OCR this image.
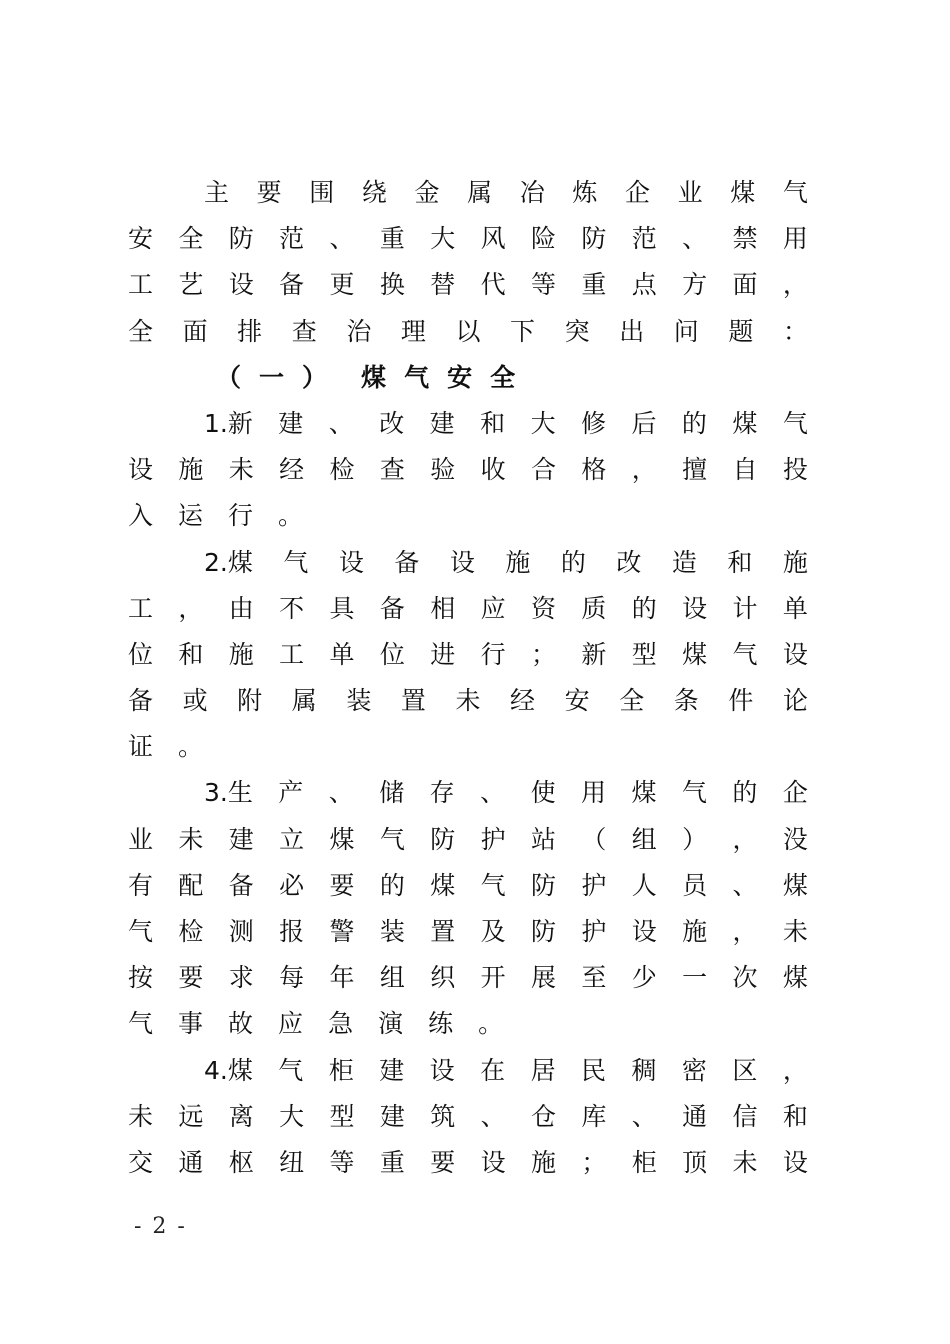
主 要 围 绕 金 属 冶 炼 企 业 煤 气
安 全 防 范 、 重 大 风 险 防 范 、 禁 用
工 艺 设 备 更 换 替 代 等 重 点 方 面 ，
全 面 排 查 治 理 以 下 突 出 问 题 ：
（ 一 ） 煤 气 安 全
1.新 建 、 改 建 和 大 修 后 的 煤 气
设 施 未 经 检 查 验 收 合 格 ， 擅 自 投
入 运 行 。
2.煤 气 设 备 设 施 的 改 造 和 施
工 ， 由 不 具 备 相 应 资 质 的 设 计 单
位 和 施 工 单 位 进 行 ； 新 型 煤 气 设
备 或 附 属 装 置 未 经 安 全 条 件 论
证 。
3.生 产 、 储 存 、 使 用 煤 气 的 企
业 未 建 立 煤 气 防 护 站 （ 组 ） ， 没
有 配 备 必 要 的 煤 气 防 护 人 员 、 煤
气 检 测 报 警 装 置 及 防 护 设 施 ， 未
按 要 求 每 年 组 织 开 展 至 少 一 次 煤
气 事 故 应 急 演 练 。
4.煤 气 柜 建 设 在 居 民 稠 密 区 ，
未 远 离 大 型 建 筑 、 仓 库 、 通 信 和
交 通 枢 纽 等 重 要 设 施 ； 柜 顶 未 设
- 2 -
